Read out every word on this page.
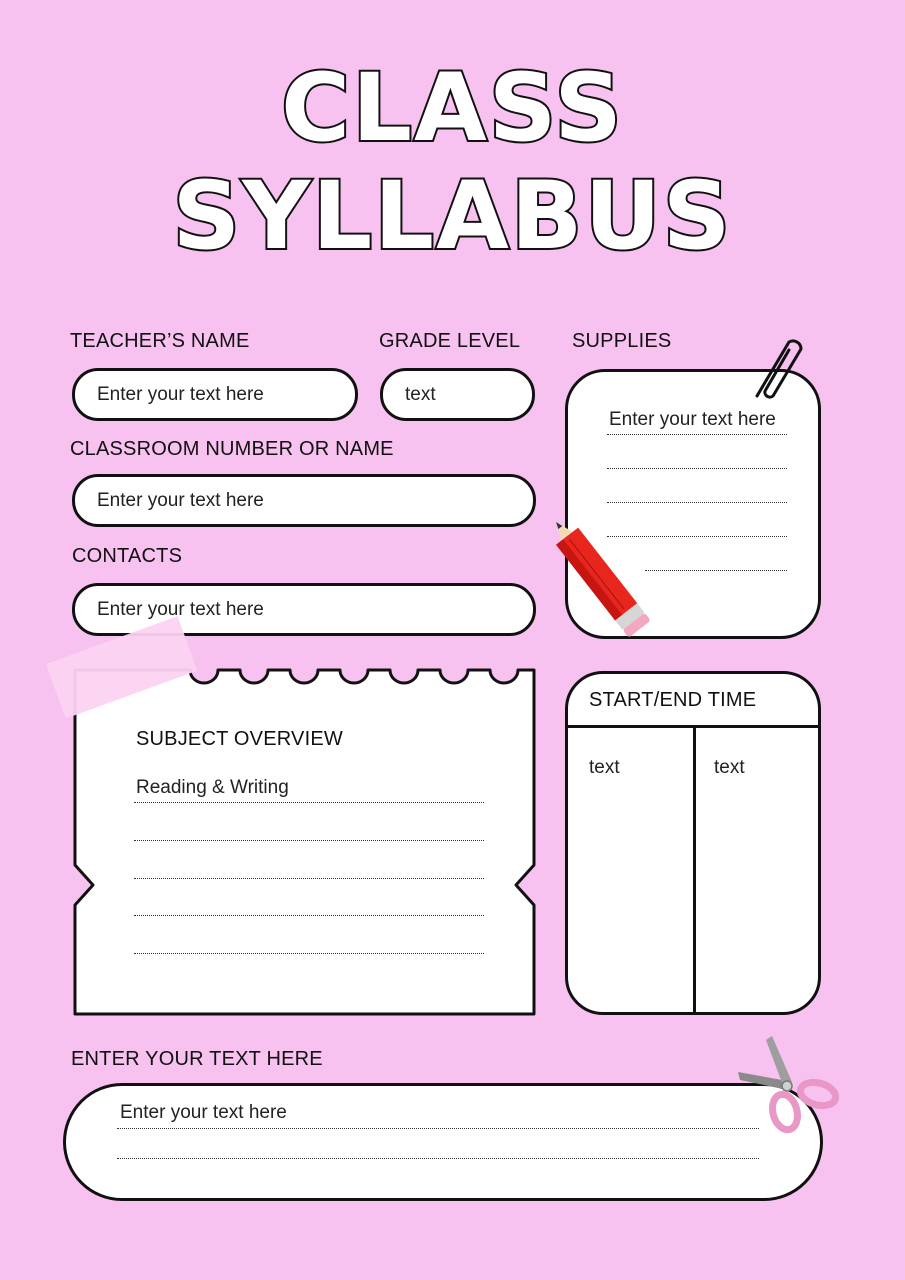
CLASS
SYLLABUS
TEACHER’S NAME
Enter your text here
GRADE LEVEL
text
CLASSROOM NUMBER OR NAME
Enter your text here
CONTACTS
Enter your text here
SUPPLIES
Enter your text here
SUBJECT OVERVIEW
Reading & Writing
START/END TIME
text	text
ENTER YOUR TEXT HERE
Enter your text here
